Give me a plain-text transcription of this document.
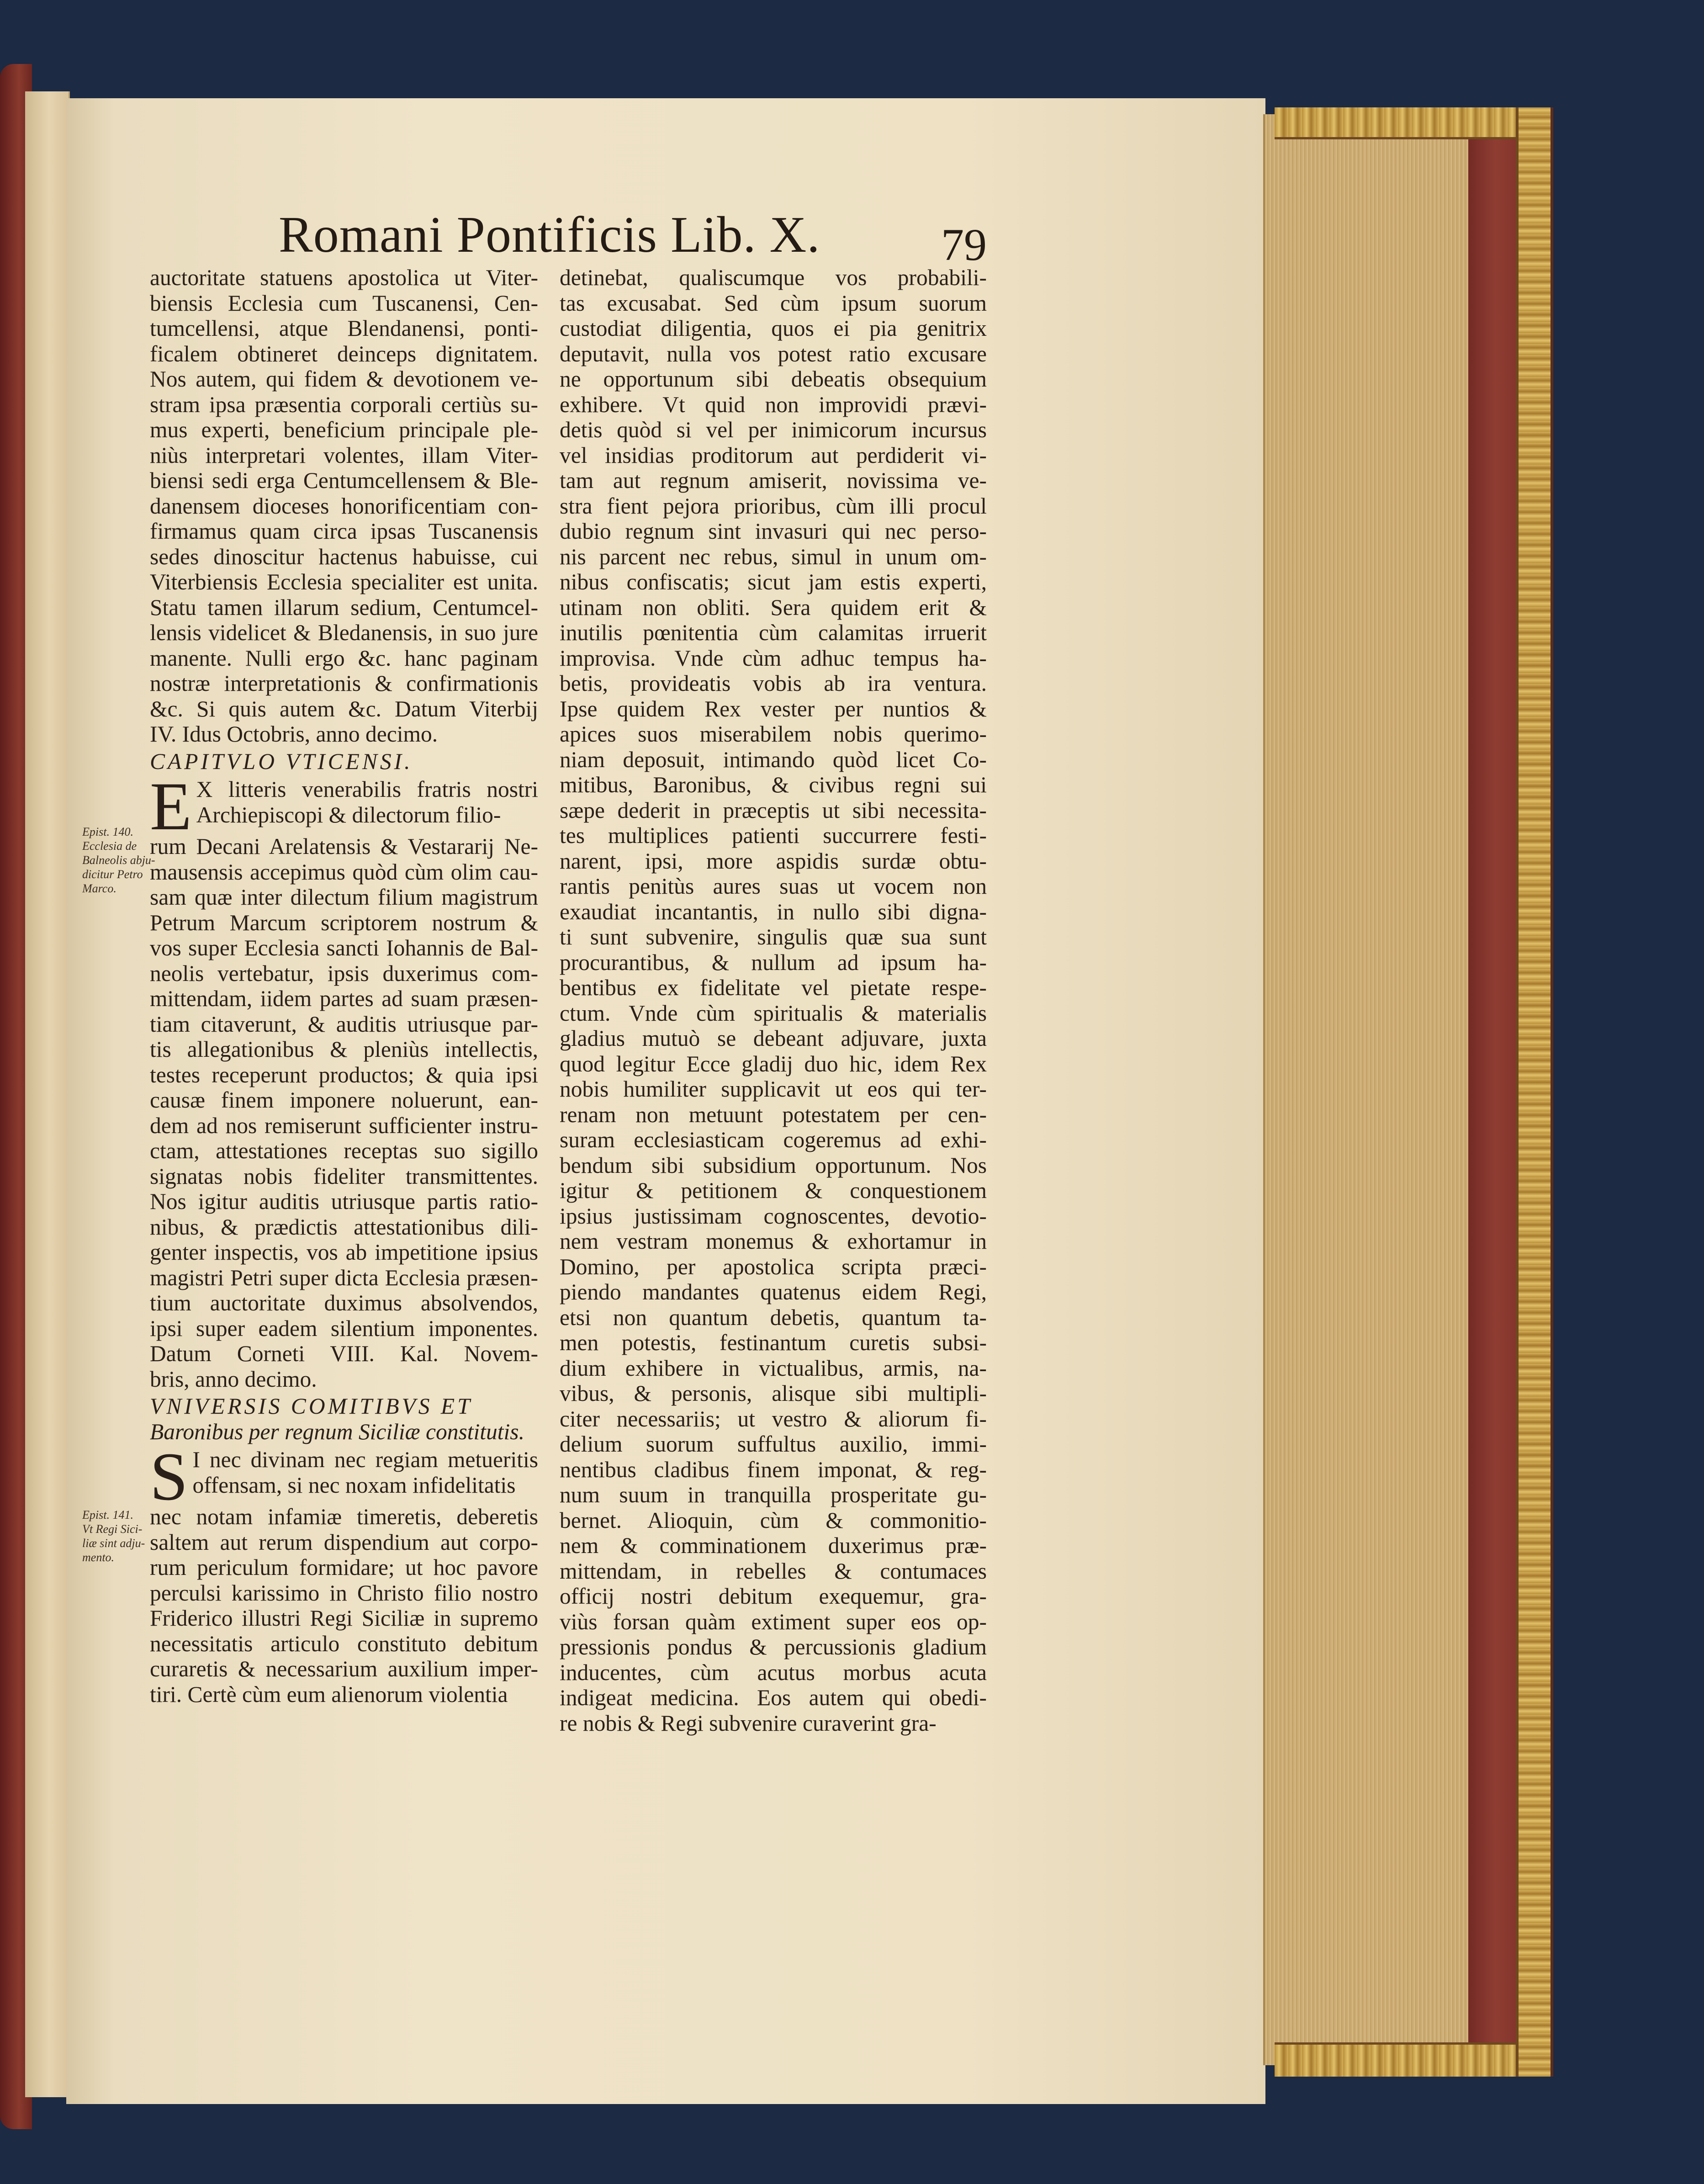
Romani Pontificis Lib. X.	79
Epist. 140.
Ecclesia de
Balneolis abju-
dicitur Petro
Marco.
Epist. 141.
Vt Regi Sici-
liæ sint adju-
mento.
auctoritate statuens apostolica ut Viter-
biensis Ecclesia cum Tuscanensi, Cen-
tumcellensi, atque Blendanensi, ponti-
ficalem obtineret deinceps dignitatem.
Nos autem, qui fidem & devotionem ve-
stram ipsa præsentia corporali certiùs su-
mus experti, beneficium principale ple-
niùs interpretari volentes, illam Viter-
biensi sedi erga Centumcellensem & Ble-
danensem dioceses honorificentiam con-
firmamus quam circa ipsas Tuscanensis
sedes dinoscitur hactenus habuisse, cui
Viterbiensis Ecclesia specialiter est unita.
Statu tamen illarum sedium, Centumcel-
lensis videlicet & Bledanensis, in suo jure
manente. Nulli ergo &c. hanc paginam
nostræ interpretationis & confirmationis
&c. Si quis autem &c. Datum Viterbij
IV. Idus Octobris, anno decimo.
CAPITVLO VTICENSI.
E X litteris venerabilis fratris nostri
Archiepiscopi & dilectorum filio-
rum Decani Arelatensis & Vestararij Ne-
mausensis accepimus quòd cùm olim cau-
sam quæ inter dilectum filium magistrum
Petrum Marcum scriptorem nostrum &
vos super Ecclesia sancti Iohannis de Bal-
neolis vertebatur, ipsis duxerimus com-
mittendam, iidem partes ad suam præsen-
tiam citaverunt, & auditis utriusque par-
tis allegationibus & pleniùs intellectis,
testes receperunt productos; & quia ipsi
causæ finem imponere noluerunt, ean-
dem ad nos remiserunt sufficienter instru-
ctam, attestationes receptas suo sigillo
signatas nobis fideliter transmittentes.
Nos igitur auditis utriusque partis ratio-
nibus, & prædictis attestationibus dili-
genter inspectis, vos ab impetitione ipsius
magistri Petri super dicta Ecclesia præsen-
tium auctoritate duximus absolvendos,
ipsi super eadem silentium imponentes.
Datum Corneti VIII. Kal. Novem-
bris, anno decimo.
VNIVERSIS COMITIBVS ET
Baronibus per regnum Siciliæ constitutis.
S I nec divinam nec regiam metueritis
offensam, si nec noxam infidelitatis
nec notam infamiæ timeretis, deberetis
saltem aut rerum dispendium aut corpo-
rum periculum formidare; ut hoc pavore
perculsi karissimo in Christo filio nostro
Friderico illustri Regi Siciliæ in supremo
necessitatis articulo constituto debitum
curaretis & necessarium auxilium imper-
tiri. Certè cùm eum alienorum violentia
detinebat, qualiscumque vos probabili-
tas excusabat. Sed cùm ipsum suorum
custodiat diligentia, quos ei pia genitrix
deputavit, nulla vos potest ratio excusare
ne opportunum sibi debeatis obsequium
exhibere. Vt quid non improvidi prævi-
detis quòd si vel per inimicorum incursus
vel insidias proditorum aut perdiderit vi-
tam aut regnum amiserit, novissima ve-
stra fient pejora prioribus, cùm illi procul
dubio regnum sint invasuri qui nec perso-
nis parcent nec rebus, simul in unum om-
nibus confiscatis; sicut jam estis experti,
utinam non obliti. Sera quidem erit &
inutilis pœnitentia cùm calamitas irruerit
improvisa. Vnde cùm adhuc tempus ha-
betis, provideatis vobis ab ira ventura.
Ipse quidem Rex vester per nuntios &
apices suos miserabilem nobis querimo-
niam deposuit, intimando quòd licet Co-
mitibus, Baronibus, & civibus regni sui
sæpe dederit in præceptis ut sibi necessita-
tes multiplices patienti succurrere festi-
narent, ipsi, more aspidis surdæ obtu-
rantis penitùs aures suas ut vocem non
exaudiat incantantis, in nullo sibi digna-
ti sunt subvenire, singulis quæ sua sunt
procurantibus, & nullum ad ipsum ha-
bentibus ex fidelitate vel pietate respe-
ctum. Vnde cùm spiritualis & materialis
gladius mutuò se debeant adjuvare, juxta
quod legitur Ecce gladij duo hic, idem Rex
nobis humiliter supplicavit ut eos qui ter-
renam non metuunt potestatem per cen-
suram ecclesiasticam cogeremus ad exhi-
bendum sibi subsidium opportunum. Nos
igitur & petitionem & conquestionem
ipsius justissimam cognoscentes, devotio-
nem vestram monemus & exhortamur in
Domino, per apostolica scripta præci-
piendo mandantes quatenus eidem Regi,
etsi non quantum debetis, quantum ta-
men potestis, festinantum curetis subsi-
dium exhibere in victualibus, armis, na-
vibus, & personis, alisque sibi multipli-
citer necessariis; ut vestro & aliorum fi-
delium suorum suffultus auxilio, immi-
nentibus cladibus finem imponat, & reg-
num suum in tranquilla prosperitate gu-
bernet. Alioquin, cùm & commonitio-
nem & comminationem duxerimus præ-
mittendam, in rebelles & contumaces
officij nostri debitum exequemur, gra-
viùs forsan quàm extiment super eos op-
pressionis pondus & percussionis gladium
inducentes, cùm acutus morbus acuta
indigeat medicina. Eos autem qui obedi-
re nobis & Regi subvenire curaverint gra-
